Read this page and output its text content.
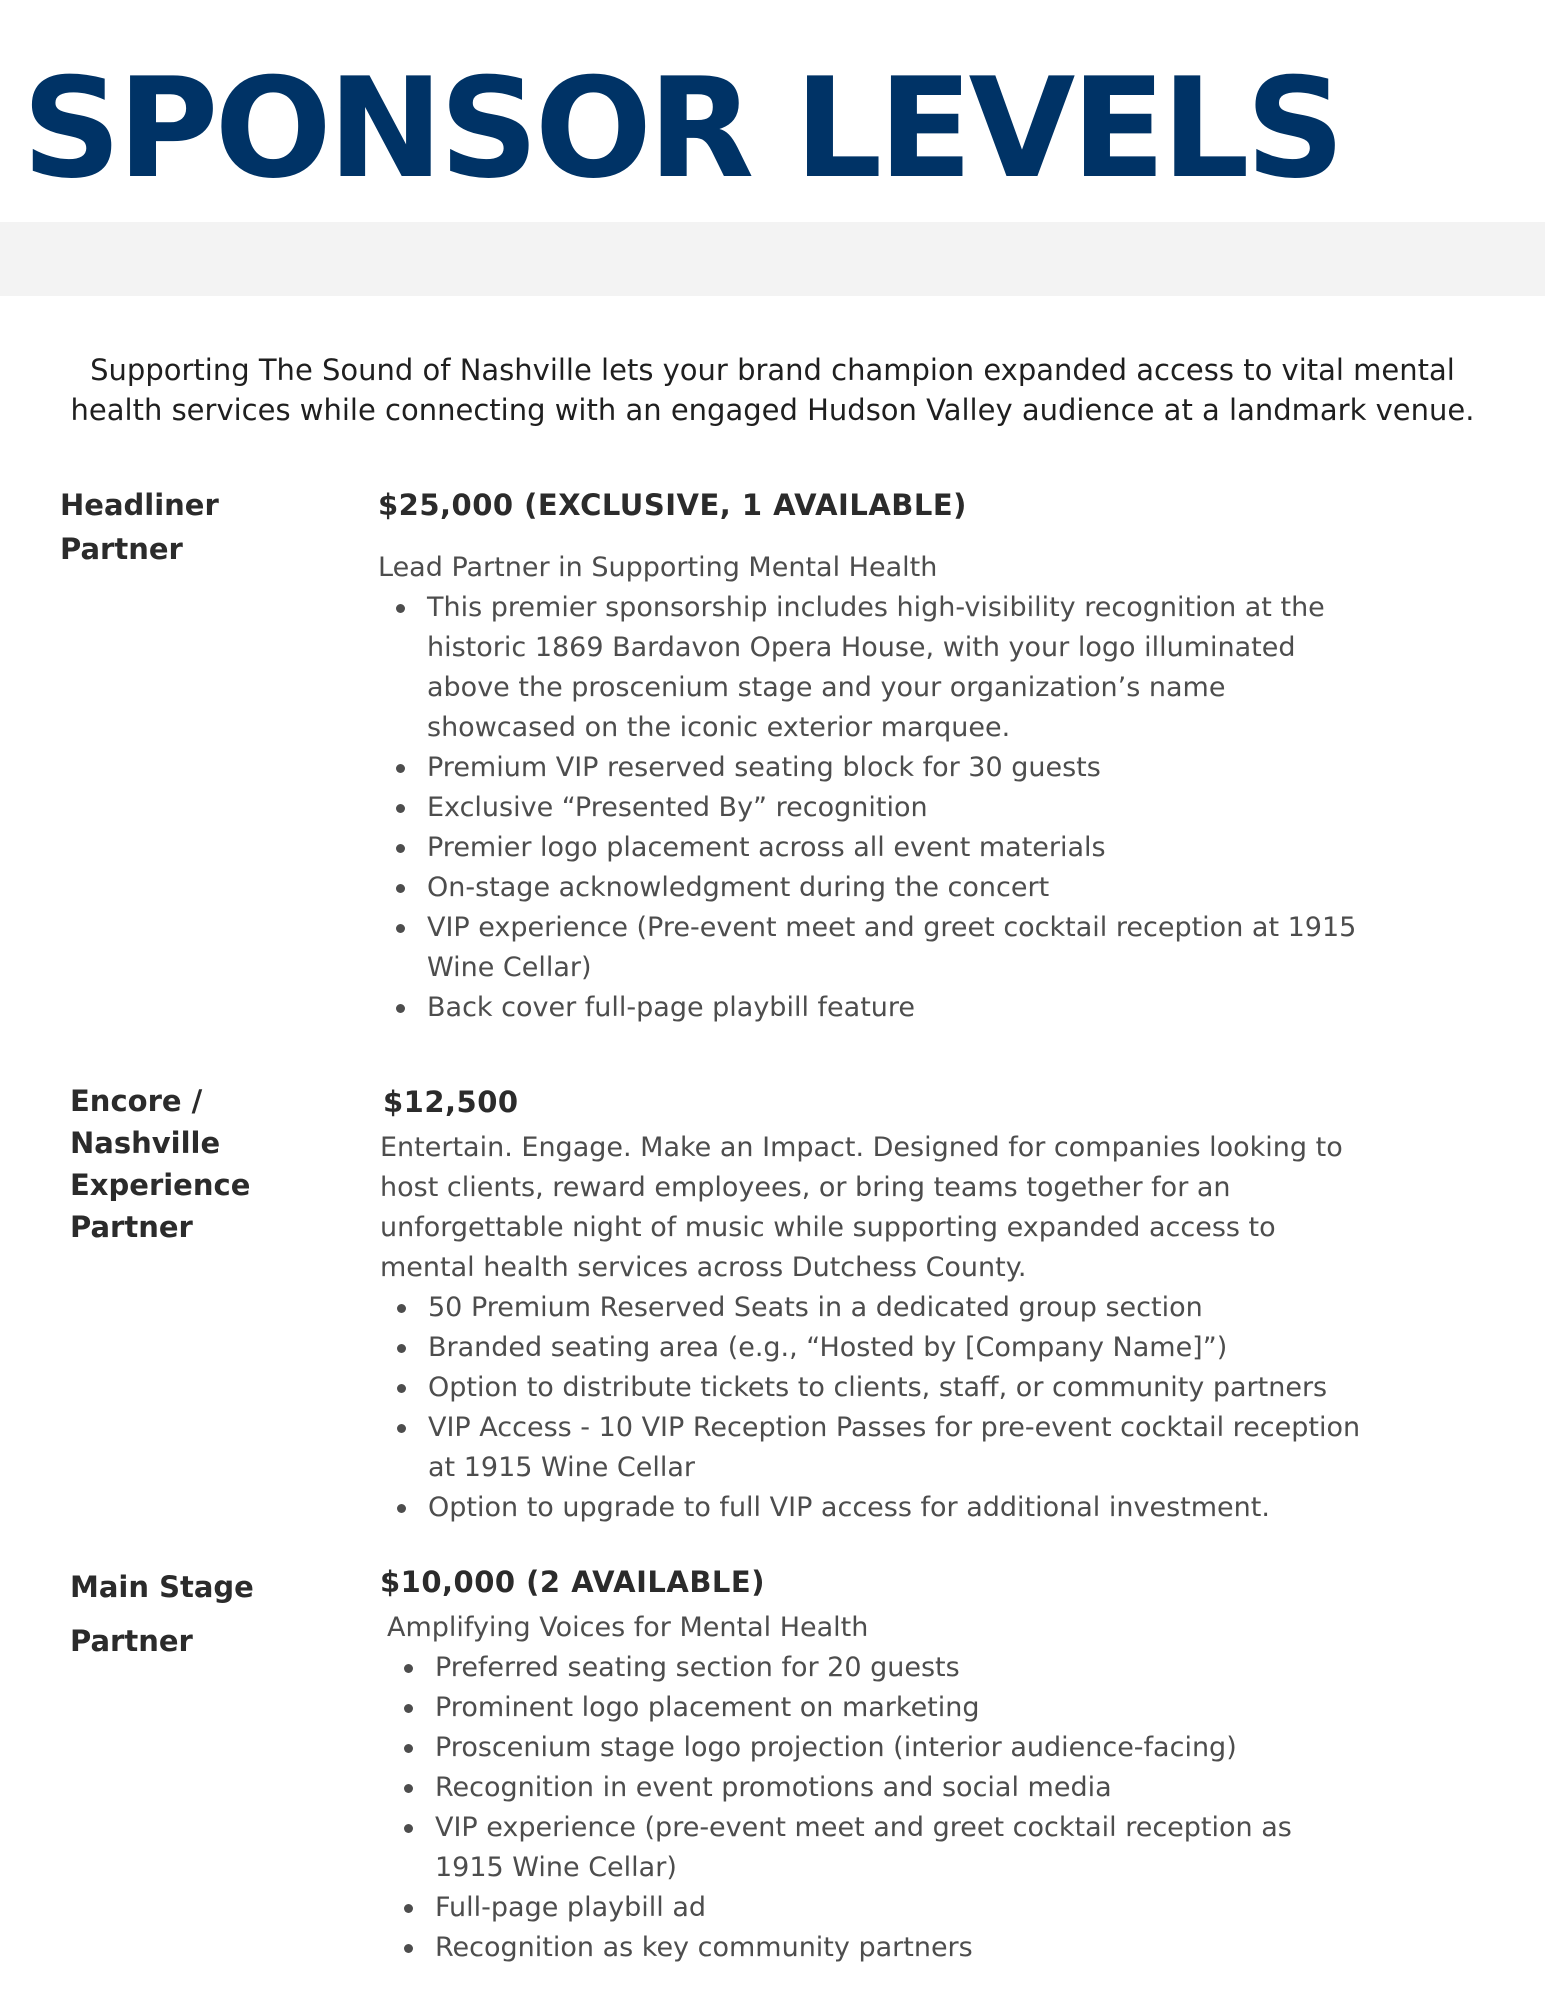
SPONSOR LEVELS

Supporting The Sound of Nashville lets your brand champion expanded access to vital mental health services while connecting with an engaged Hudson Valley audience at a landmark venue.

Headliner Partner
$25,000 (EXCLUSIVE, 1 AVAILABLE)

Lead Partner in Supporting Mental Health

This premier sponsorship includes high-visibility recognition at the historic 1869 Bardavon Opera House, with your logo illuminated above the proscenium stage and your organization’s name showcased on the iconic exterior marquee.
Premium VIP reserved seating block for 30 guests
Exclusive “Presented By” recognition
Premier logo placement across all event materials
On-stage acknowledgment during the concert
VIP experience (Pre-event meet and greet cocktail reception at 1915 Wine Cellar)
Back cover full-page playbill feature
Encore / Nashville Experience Partner
$12,500

Entertain. Engage. Make an Impact. Designed for companies looking to host clients, reward employees, or bring teams together for an unforgettable night of music while supporting expanded access to mental health services across Dutchess County.

50 Premium Reserved Seats in a dedicated group section
Branded seating area (e.g., “Hosted by [Company Name]”)
Option to distribute tickets to clients, staff, or community partners
VIP Access - 10 VIP Reception Passes for pre-event cocktail reception at 1915 Wine Cellar
Option to upgrade to full VIP access for additional investment.
Main Stage Partner
$10,000 (2 AVAILABLE)

Amplifying Voices for Mental Health

Preferred seating section for 20 guests
Prominent logo placement on marketing
Proscenium stage logo projection (interior audience-facing)
Recognition in event promotions and social media
VIP experience (pre-event meet and greet cocktail reception as 1915 Wine Cellar)
Full-page playbill ad
Recognition as key community partners
